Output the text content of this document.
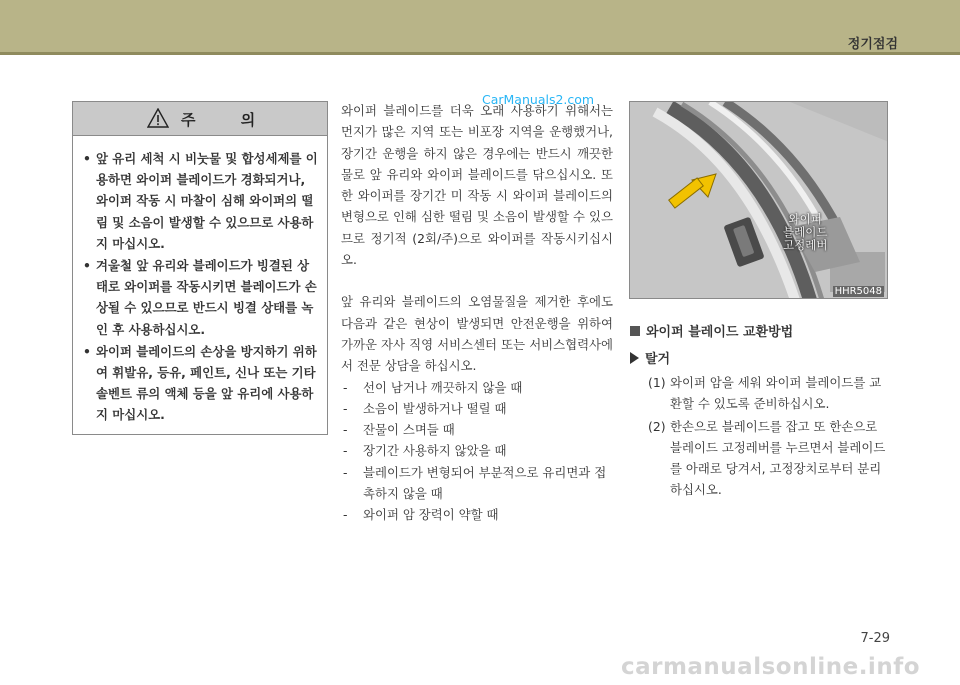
정기점검
CarManuals2.com
주 의
• 앞 유리 세척 시 비눗물 및 합성세제를 이용하면 와이퍼 블레이드가 경화되거나, 와이퍼 작동 시 마찰이 심해 와이퍼의 떨림 및 소음이 발생할 수 있으므로 사용하지 마십시오.
• 겨울철 앞 유리와 블레이드가 빙결된 상태로 와이퍼를 작동시키면 블레이드가 손상될 수 있으므로 반드시 빙결 상태를 녹인 후 사용하십시오.
• 와이퍼 블레이드의 손상을 방지하기 위하여 휘발유, 등유, 페인트, 신나 또는 기타 솔벤트 류의 액체 등을 앞 유리에 사용하지 마십시오.

와이퍼 블레이드를 더욱 오래 사용하기 위해서는 먼지가 많은 지역 또는 비포장 지역을 운행했거나, 장기간 운행을 하지 않은 경우에는 반드시 깨끗한 물로 앞 유리와 와이퍼 블레이드를 닦으십시오. 또한 와이퍼를 장기간 미 작동 시 와이퍼 블레이드의 변형으로 인해 심한 떨림 및 소음이 발생할 수 있으므로 정기적 (2회/주)으로 와이퍼를 작동시키십시오.

앞 유리와 블레이드의 오염물질을 제거한 후에도 다음과 같은 현상이 발생되면 안전운행을 위하여 가까운 자사 직영 서비스센터 또는 서비스협력사에서 전문 상담을 하십시오.

- 선이 남거나 깨끗하지 않을 때
- 소음이 발생하거나 떨릴 때
- 잔물이 스며들 때
- 장기간 사용하지 않았을 때
- 블레이드가 변형되어 부분적으로 유리면과 접촉하지 않을 때
- 와이퍼 암 장력이 약할 때
와이퍼
블레이드
고정레버
HHR5048
와이퍼 블레이드 교환방법
탈거
(1) 와이퍼 암을 세워 와이퍼 블레이드를 교환할 수 있도록 준비하십시오.
(2) 한손으로 블레이드를 잡고 또 한손으로 블레이드 고정레버를 누르면서 블레이드를 아래로 당겨서, 고정장치로부터 분리 하십시오.
7-29
carmanualsonline.info
